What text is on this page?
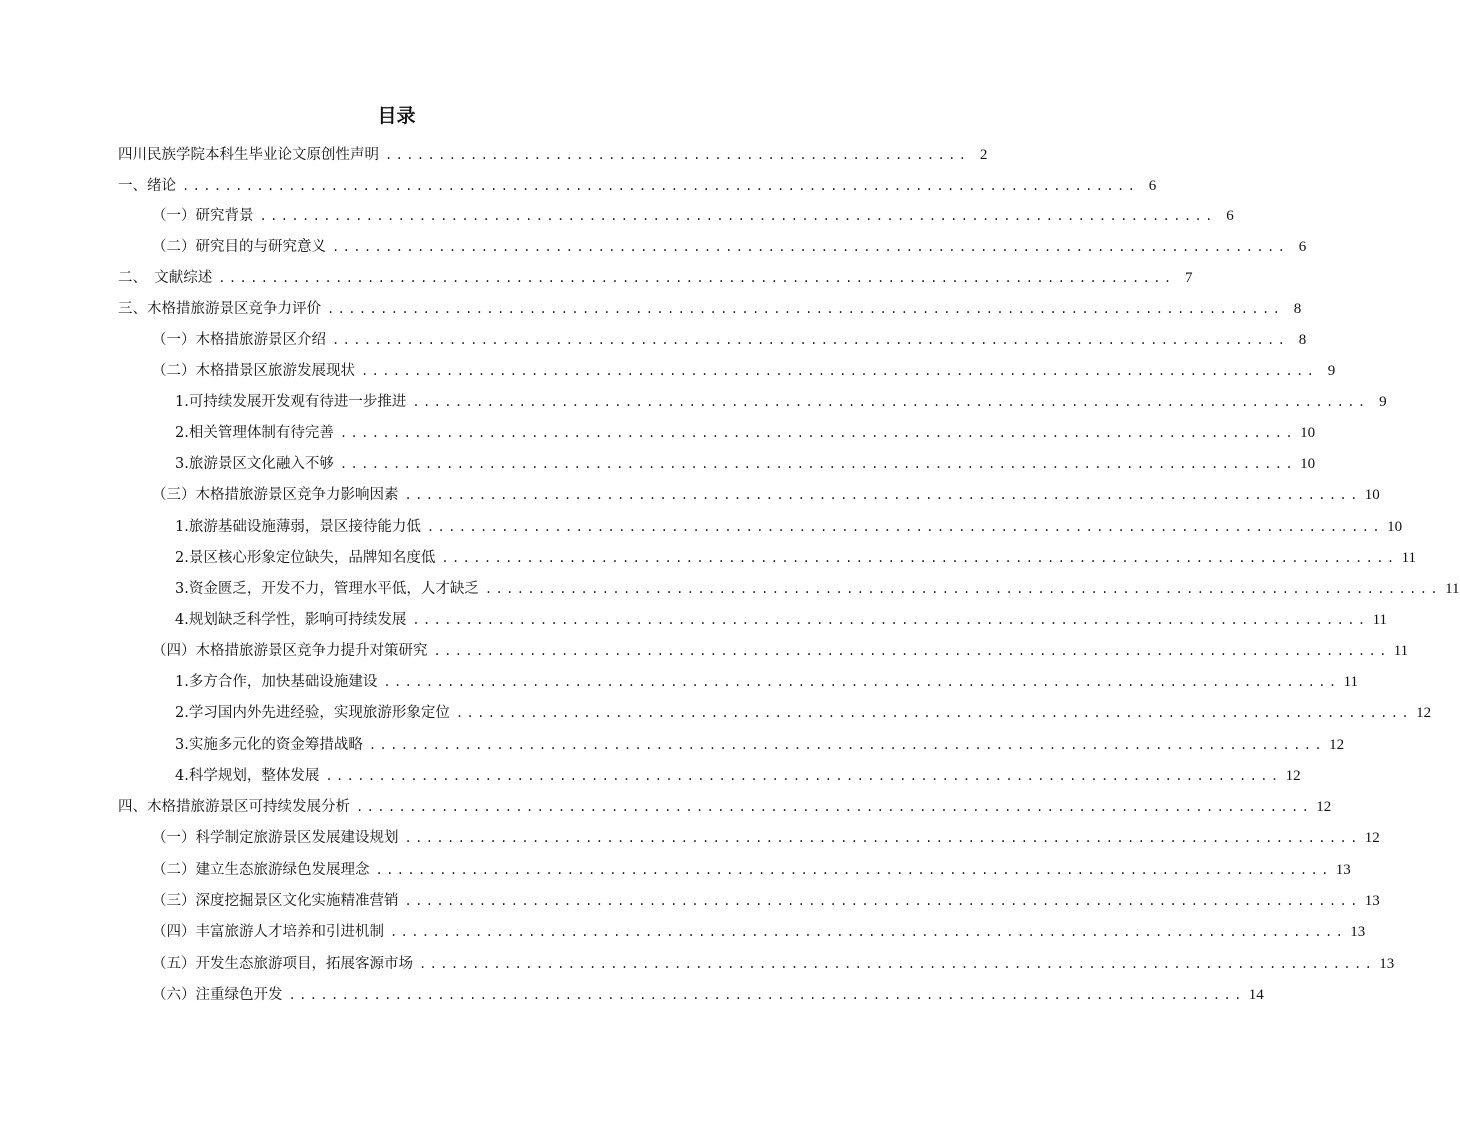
目录
四川民族学院本科生毕业论文原创性声明 ....................................................... 2
一、绪论 .......................................................................................... 6
（一）研究背景 .......................................................................................... 6
（二）研究目的与研究意义 .......................................................................................... 6
二、　文献综述 .......................................................................................... 7
三、木格措旅游景区竞争力评价 .......................................................................................... 8
（一）木格措旅游景区介绍 .......................................................................................... 8
（二）木格措景区旅游发展现状 .......................................................................................... 9
1.可持续发展开发观有待进一步推进 .......................................................................................... 9
2.相关管理体制有待完善 .......................................................................................... 10
3.旅游景区文化融入不够 .......................................................................................... 10
（三）木格措旅游景区竞争力影响因素 .......................................................................................... 10
1.旅游基础设施薄弱，景区接待能力低 .......................................................................................... 10
2.景区核心形象定位缺失，品牌知名度低 .......................................................................................... 11
3.资金匮乏，开发不力，管理水平低，人才缺乏 .......................................................................................... 11
4.规划缺乏科学性，影响可持续发展 .......................................................................................... 11
（四）木格措旅游景区竞争力提升对策研究 .......................................................................................... 11
1.多方合作，加快基础设施建设 .......................................................................................... 11
2.学习国内外先进经验，实现旅游形象定位 .......................................................................................... 12
3.实施多元化的资金筹措战略 .......................................................................................... 12
4.科学规划，整体发展 .......................................................................................... 12
四、木格措旅游景区可持续发展分析 .......................................................................................... 12
（一）科学制定旅游景区发展建设规划 .......................................................................................... 12
（二）建立生态旅游绿色发展理念 .......................................................................................... 13
（三）深度挖掘景区文化实施精准营销 .......................................................................................... 13
（四）丰富旅游人才培养和引进机制 .......................................................................................... 13
（五）开发生态旅游项目，拓展客源市场 .......................................................................................... 13
（六）注重绿色开发 .......................................................................................... 14
